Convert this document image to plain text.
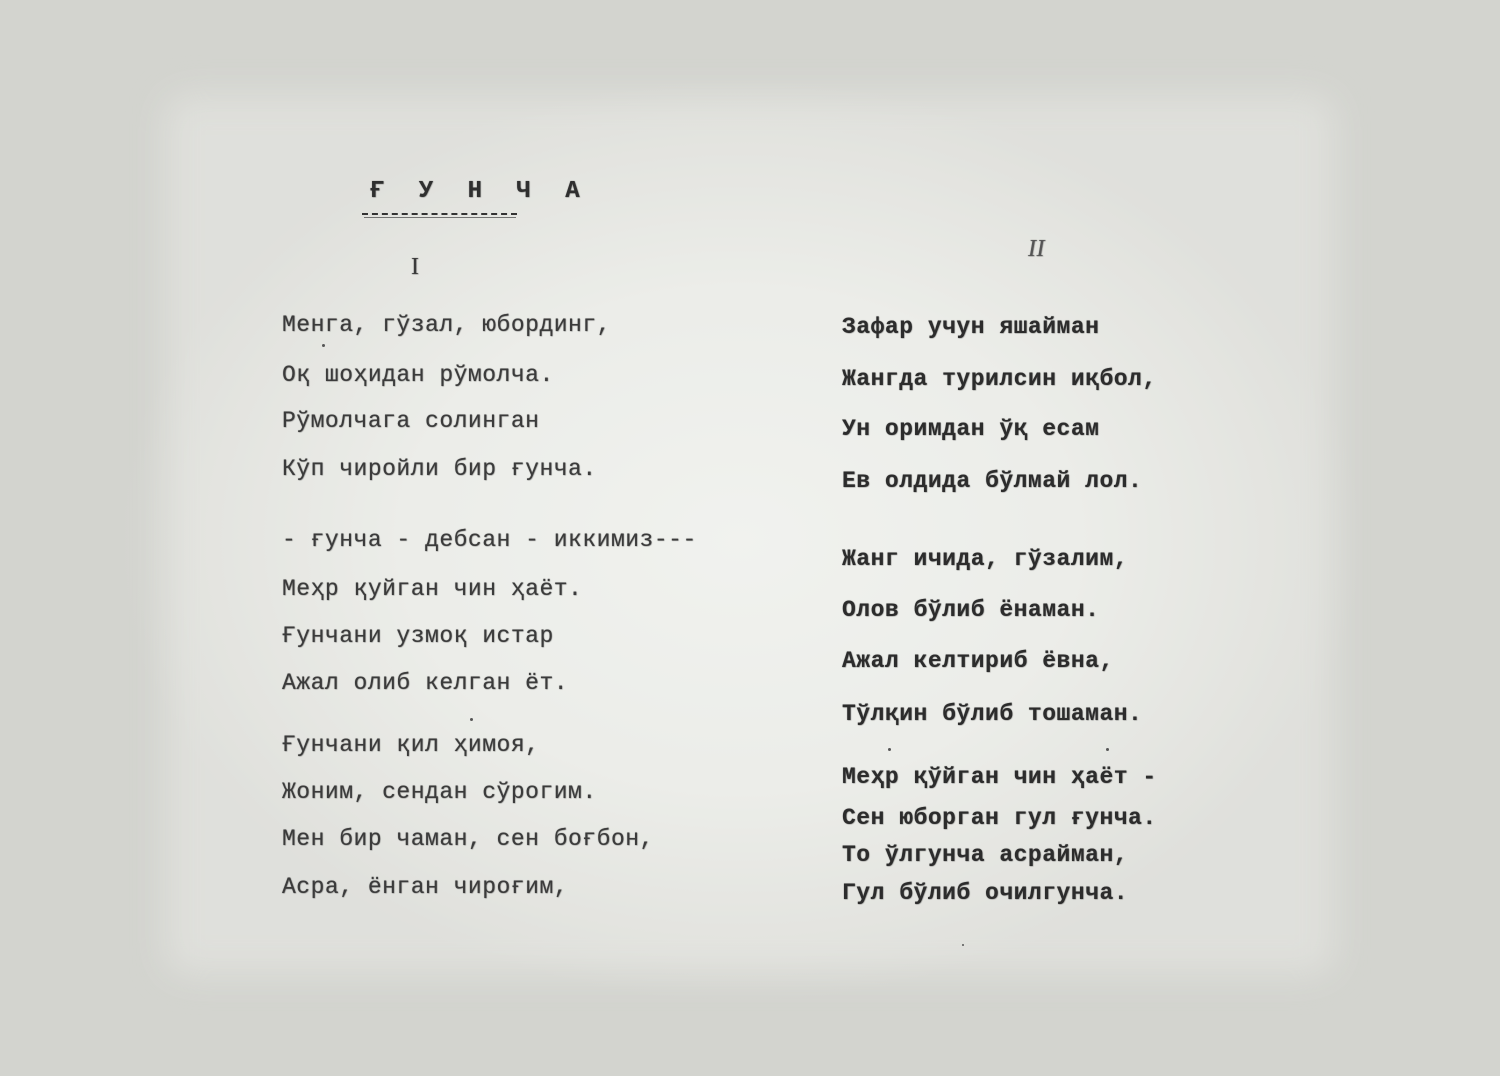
Ғ У Н Ч А
I
II
Менга, гўзал, юбординг,
Оқ шоҳидан рўмолча.
Рўмолчага солинган
Кўп чиройли бир ғунча.
- ғунча - дебсан - иккимиз---
Меҳр қуйган чин ҳаёт.
Ғунчани узмоқ истар
Ажал олиб келган ёт.
Ғунчани қил ҳимоя,
Жоним, сендан сўрогим.
Мен бир чаман, сен боғбон,
Асра, ёнган чироғим,
Зафар учун яшайман
Жангда турилсин иқбол,
Ун оримдан ўқ есам
Ев олдида бўлмай лол.
Жанг ичида, гўзалим,
Олов бўлиб ёнаман.
Ажал келтириб ёвна,
Тўлқин бўлиб тошаман.
Меҳр қўйган чин ҳаёт -
Сен юборган гул ғунча.
То ўлгунча асрайман,
Гул бўлиб очилгунча.
